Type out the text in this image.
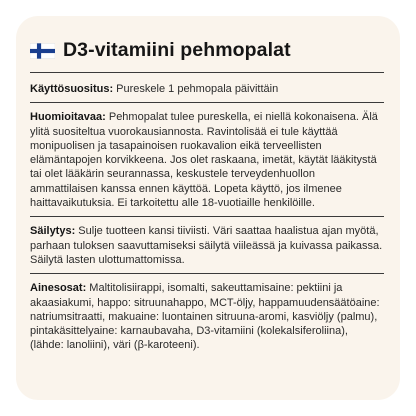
D3-vitamiini pehmopalat

Käyttösuositus: Pureskele 1 pehmopala päivittäin

Huomioitavaa: Pehmopalat tulee pureskella, ei niellä kokonaisena. Älä ylitä suositeltua vuorokausiannosta. Ravintolisää ei tule käyttää monipuolisen ja tasapainoisen ruokavalion eikä terveellisten elämäntapojen korvikkeena. Jos olet raskaana, imetät, käytät lääkitystä tai olet lääkärin seurannassa, keskustele terveydenhuollon ammattilaisen kanssa ennen käyttöä. Lopeta käyttö, jos ilmenee haittavaikutuksia. Ei tarkoitettu alle 18-vuotiaille henkilöille.

Säilytys: Sulje tuotteen kansi tiiviisti. Väri saattaa haalistua ajan myötä, parhaan tuloksen saavuttamiseksi säilytä viileässä ja kuivassa paikassa. Säilytä lasten ulottumattomissa.

Ainesosat: Maltitolisiirappi, isomalti, sakeuttamisaine: pektiini ja akaasiakumi, happo: sitruunahappo, MCT-öljy, happamuudensäätöaine: natriumsitraatti, makuaine: luontainen sitruuna-aromi, kasviöljy (palmu), pintakäsittelyaine: karnaubavaha, D3-vitamiini (kolekalsiferoliina), (lähde: lanoliini), väri (β-karoteeni).
